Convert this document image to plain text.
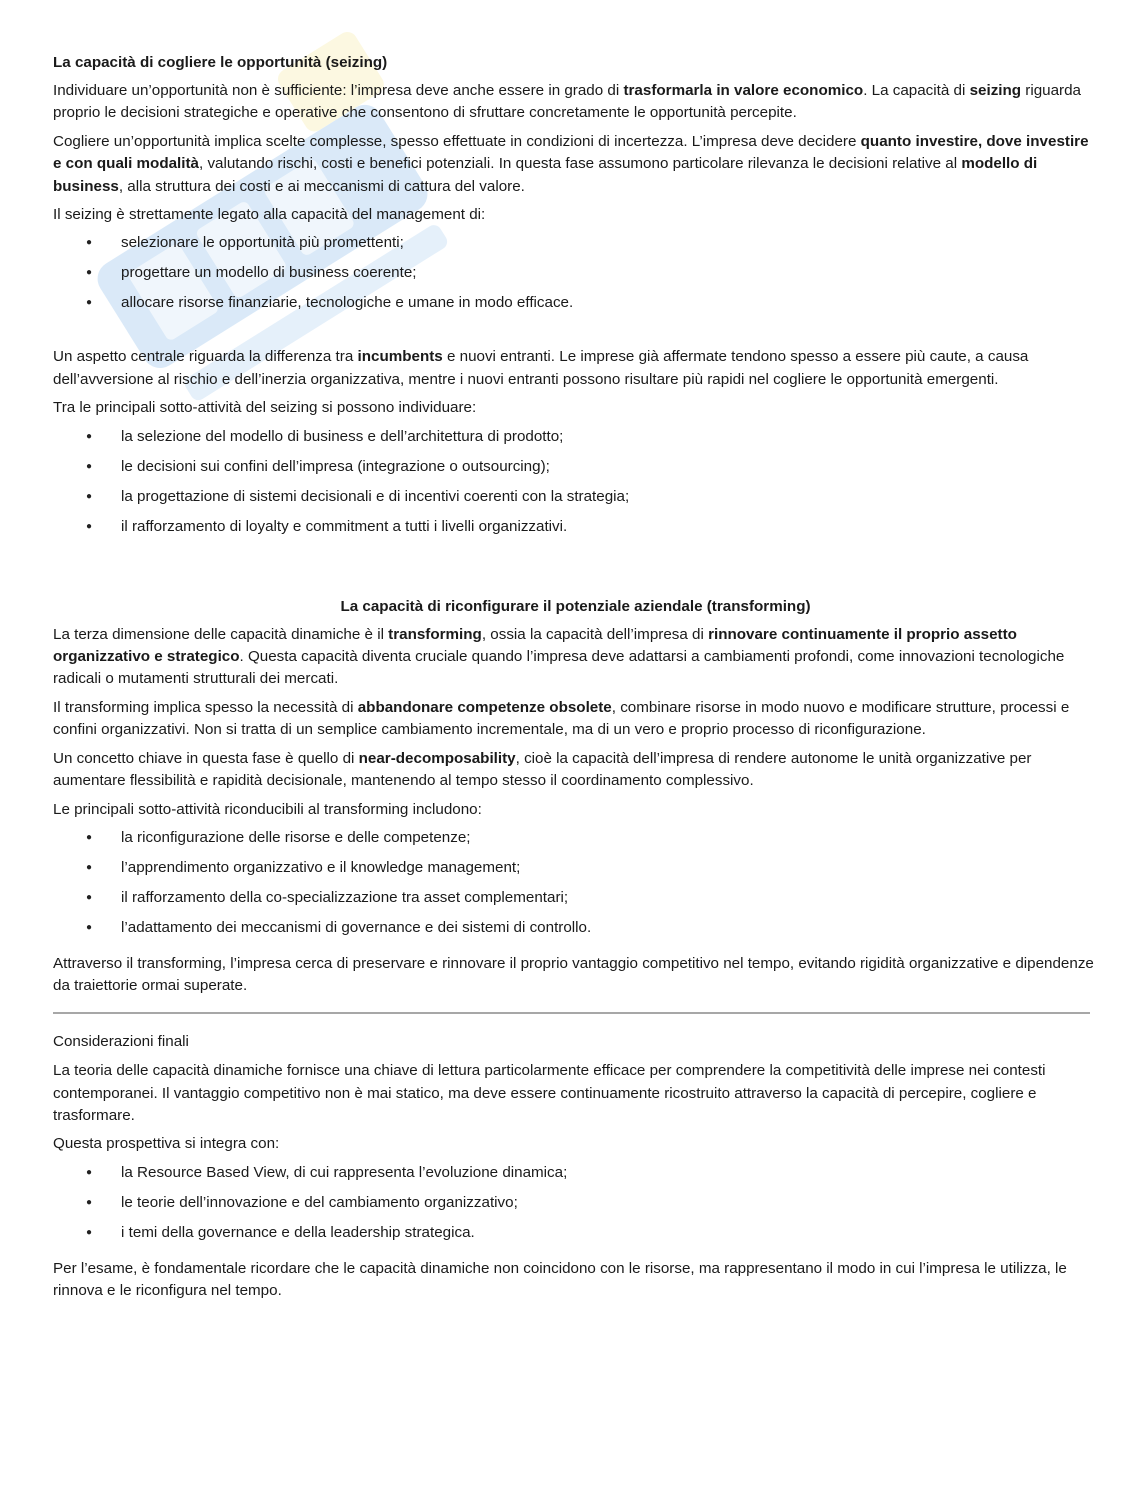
La capacità di cogliere le opportunità (seizing)

Individuare un’opportunità non è sufficiente: l’impresa deve anche essere in grado di trasformarla in valore economico. La capacità di seizing riguarda proprio le decisioni strategiche e operative che consentono di sfruttare concretamente le opportunità percepite.

Cogliere un’opportunità implica scelte complesse, spesso effettuate in condizioni di incertezza. L’impresa deve decidere quanto investire, dove investire e con quali modalità, valutando rischi, costi e benefici potenziali. In questa fase assumono particolare rilevanza le decisioni relative al modello di business, alla struttura dei costi e ai meccanismi di cattura del valore.

Il seizing è strettamente legato alla capacità del management di:

● selezionare le opportunità più promettenti;
● progettare un modello di business coerente;
● allocare risorse finanziarie, tecnologiche e umane in modo efficace.

Un aspetto centrale riguarda la differenza tra incumbents e nuovi entranti. Le imprese già affermate tendono spesso a essere più caute, a causa dell’avversione al rischio e dell’inerzia organizzativa, mentre i nuovi entranti possono risultare più rapidi nel cogliere le opportunità emergenti.

Tra le principali sotto-attività del seizing si possono individuare:

● la selezione del modello di business e dell’architettura di prodotto;
● le decisioni sui confini dell’impresa (integrazione o outsourcing);
● la progettazione di sistemi decisionali e di incentivi coerenti con la strategia;
● il rafforzamento di loyalty e commitment a tutti i livelli organizzativi.
La capacità di riconfigurare il potenziale aziendale (transforming)

La terza dimensione delle capacità dinamiche è il transforming, ossia la capacità dell’impresa di rinnovare continuamente il proprio assetto organizzativo e strategico. Questa capacità diventa cruciale quando l’impresa deve adattarsi a cambiamenti profondi, come innovazioni tecnologiche radicali o mutamenti strutturali dei mercati.

Il transforming implica spesso la necessità di abbandonare competenze obsolete, combinare risorse in modo nuovo e modificare strutture, processi e confini organizzativi. Non si tratta di un semplice cambiamento incrementale, ma di un vero e proprio processo di riconfigurazione.

Un concetto chiave in questa fase è quello di near-decomposability, cioè la capacità dell’impresa di rendere autonome le unità organizzative per aumentare flessibilità e rapidità decisionale, mantenendo al tempo stesso il coordinamento complessivo.

Le principali sotto-attività riconducibili al transforming includono:

● la riconfigurazione delle risorse e delle competenze;
● l’apprendimento organizzativo e il knowledge management;
● il rafforzamento della co-specializzazione tra asset complementari;
● l’adattamento dei meccanismi di governance e dei sistemi di controllo.

Attraverso il transforming, l’impresa cerca di preservare e rinnovare il proprio vantaggio competitivo nel tempo, evitando rigidità organizzative e dipendenze da traiettorie ormai superate.

Considerazioni finali

La teoria delle capacità dinamiche fornisce una chiave di lettura particolarmente efficace per comprendere la competitività delle imprese nei contesti contemporanei. Il vantaggio competitivo non è mai statico, ma deve essere continuamente ricostruito attraverso la capacità di percepire, cogliere e trasformare.

Questa prospettiva si integra con:

● la Resource Based View, di cui rappresenta l’evoluzione dinamica;
● le teorie dell’innovazione e del cambiamento organizzativo;
● i temi della governance e della leadership strategica.

Per l’esame, è fondamentale ricordare che le capacità dinamiche non coincidono con le risorse, ma rappresentano il modo in cui l’impresa le utilizza, le rinnova e le riconfigura nel tempo.
